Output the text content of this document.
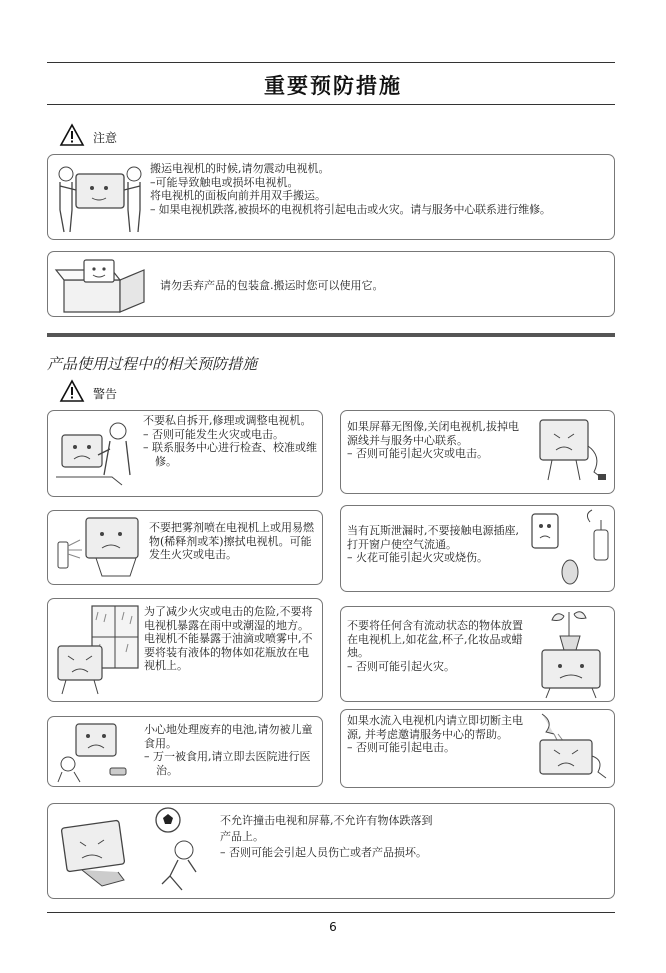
重要预防措施
注意

搬运电视机的时候,请勿震动电视机。

–可能导致触电或损坏电视机。

将电视机的面板向前并用双手搬运。

– 如果电视机跌落,被损坏的电视机将引起电击或火灾。请与服务中心联系进行维修。

请勿丢弃产品的包装盒.搬运时您可以使用它。
产品使用过程中的相关预防措施
警告

不要私自拆开,修理或调整电视机。

– 否则可能发生火灾或电击。

– 联系服务中心进行检查、校准或维修。

如果屏幕无图像,关闭电视机,拔掉电源线并与服务中心联系。

– 否则可能引起火灾或电击。

不要把雾剂喷在电视机上或用易燃物(稀释剂或苯)擦拭电视机。可能发生火灾或电击。

当有瓦斯泄漏时,不要接触电源插座,打开窗户使空气流通。

– 火花可能引起火灾或烧伤。

为了减少火灾或电击的危险,不要将电视机暴露在雨中或潮湿的地方。电视机不能暴露于油滴或喷雾中,不要将装有液体的物体如花瓶放在电视机上。

不要将任何含有流动状态的物体放置在电视机上,如花盆,杯子,化妆品或蜡烛。

– 否则可能引起火灾。

小心地处理废弃的电池,请勿被儿童食用。

– 万一被食用,请立即去医院进行医治。

如果水流入电视机内请立即切断主电源, 并考虑邀请服务中心的帮助。

– 否则可能引起电击。

不允许撞击电视和屏幕,不允许有物体跌落到产品上。

– 否则可能会引起人员伤亡或者产品损坏。

6
